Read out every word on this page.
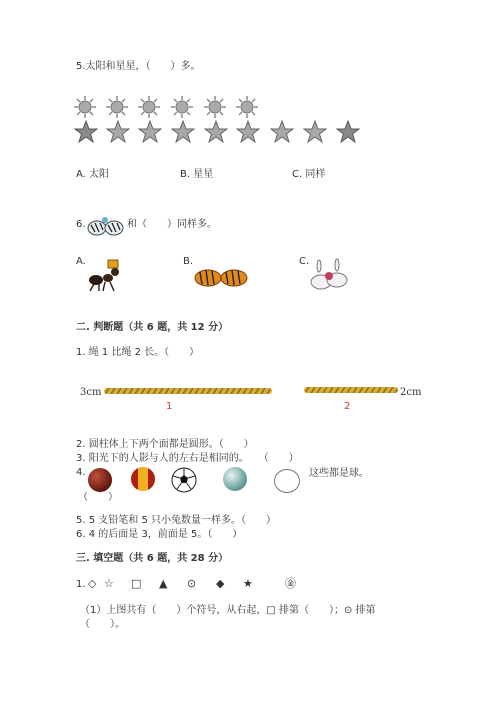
5.太阳和星星，（　　）多。
A. 太阳	B. 星星	C. 同样
6.	和（　　）同样多。
A.	B.	C.
二. 判断题（共 6 题，共 12 分）
1. 绳 1 比绳 2 长。（　　）
3cm
1
2cm
2
2. 圆柱体上下两个面都是圆形。（　　）
3. 阳光下的人影与人的左右是相同的。　　（　　）
4.	这些都是球。
（　　）
5. 5 支铅笔和 5 只小兔数量一样多。（　　）
6. 4 的后面是 3，前面是 5。（　　）
三. 填空题（共 6 题，共 28 分）
1. ◇ ☆ □ ▲ ⊙ ◆ ★	㊎
（1）上图共有（　　）个符号，从右起，□ 排第（　　）；⊙ 排第
（　　）。
